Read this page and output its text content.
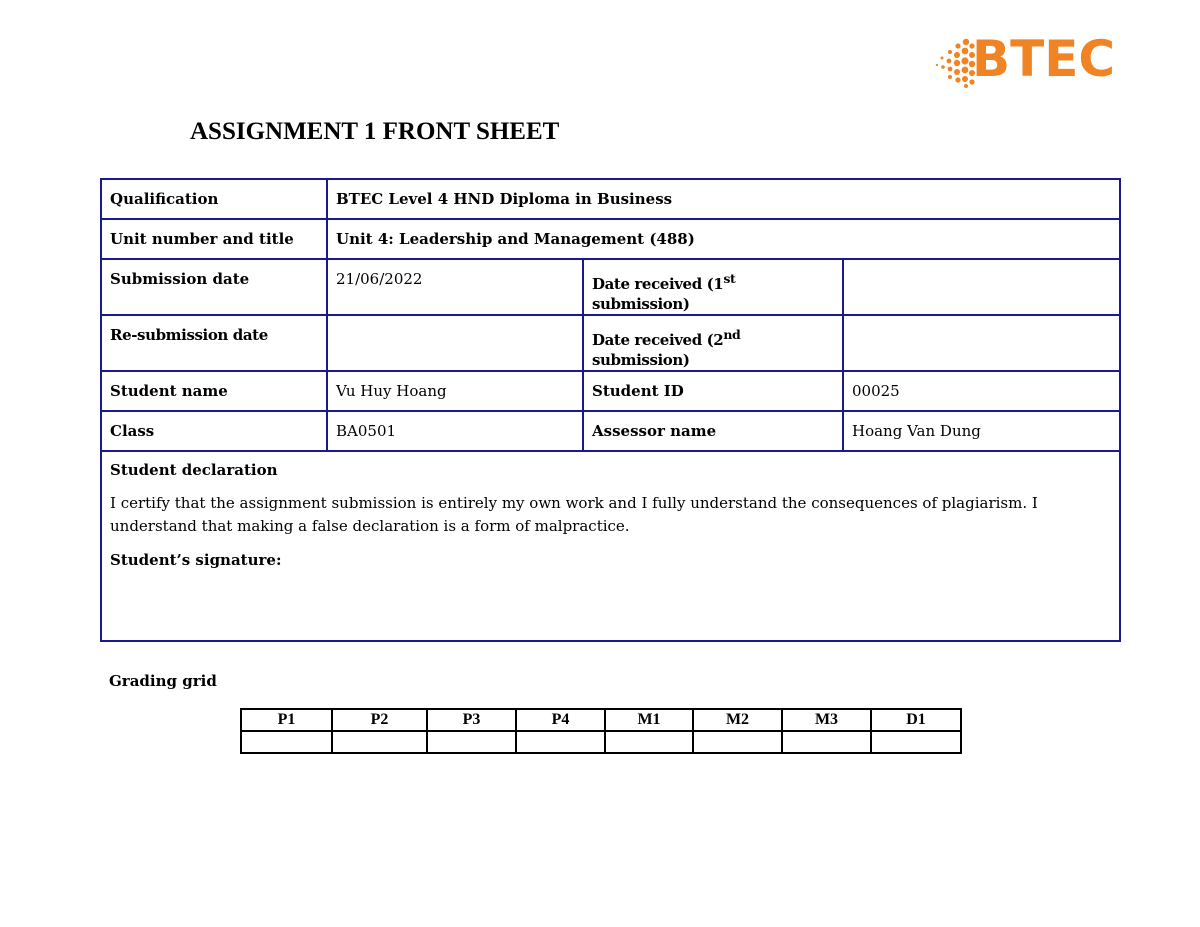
BTEC
ASSIGNMENT 1 FRONT SHEET
Qualification	BTEC Level 4 HND Diploma in Business		
Unit number and title	Unit 4: Leadership and Management (488)		
Submission date	21/06/2022	Date received (1st submission)	
Re-submission date		Date received (2nd submission)	
Student name	Vu Huy Hoang	Student ID	00025
Class	BA0501	Assessor name	Hoang Van Dung

Student declaration

I certify that the assignment submission is entirely my own work and I fully understand the consequences of plagiarism. I understand that making a false declaration is a form of malpractice.

Student’s signature:			

Grading grid
P1	P2	P3	P4	M1	M2	M3	D1
